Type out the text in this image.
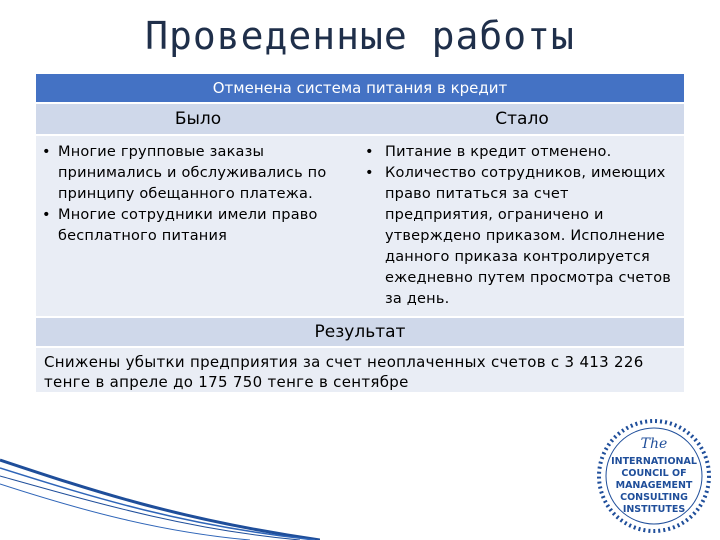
Проведенные работы
Отменена система питания в кредит
Было	Стало
• Многие групповые заказы принимались и обслуживались по принципу обещанного платежа.
• Многие сотрудники имели право бесплатного питания
• Питание в кредит отменено.
• Количество сотрудников, имеющих право питаться за счет предприятия, ограничено и утверждено приказом. Исполнение данного приказа контролируется ежедневно путем просмотра счетов за день.
Результат
Снижены убытки предприятия за счет неоплаченных счетов с 3 413 226 тенге в апреле до 175 750 тенге в сентябре
The
INTERNATIONAL
COUNCIL OF
MANAGEMENT
CONSULTING
INSTITUTES
